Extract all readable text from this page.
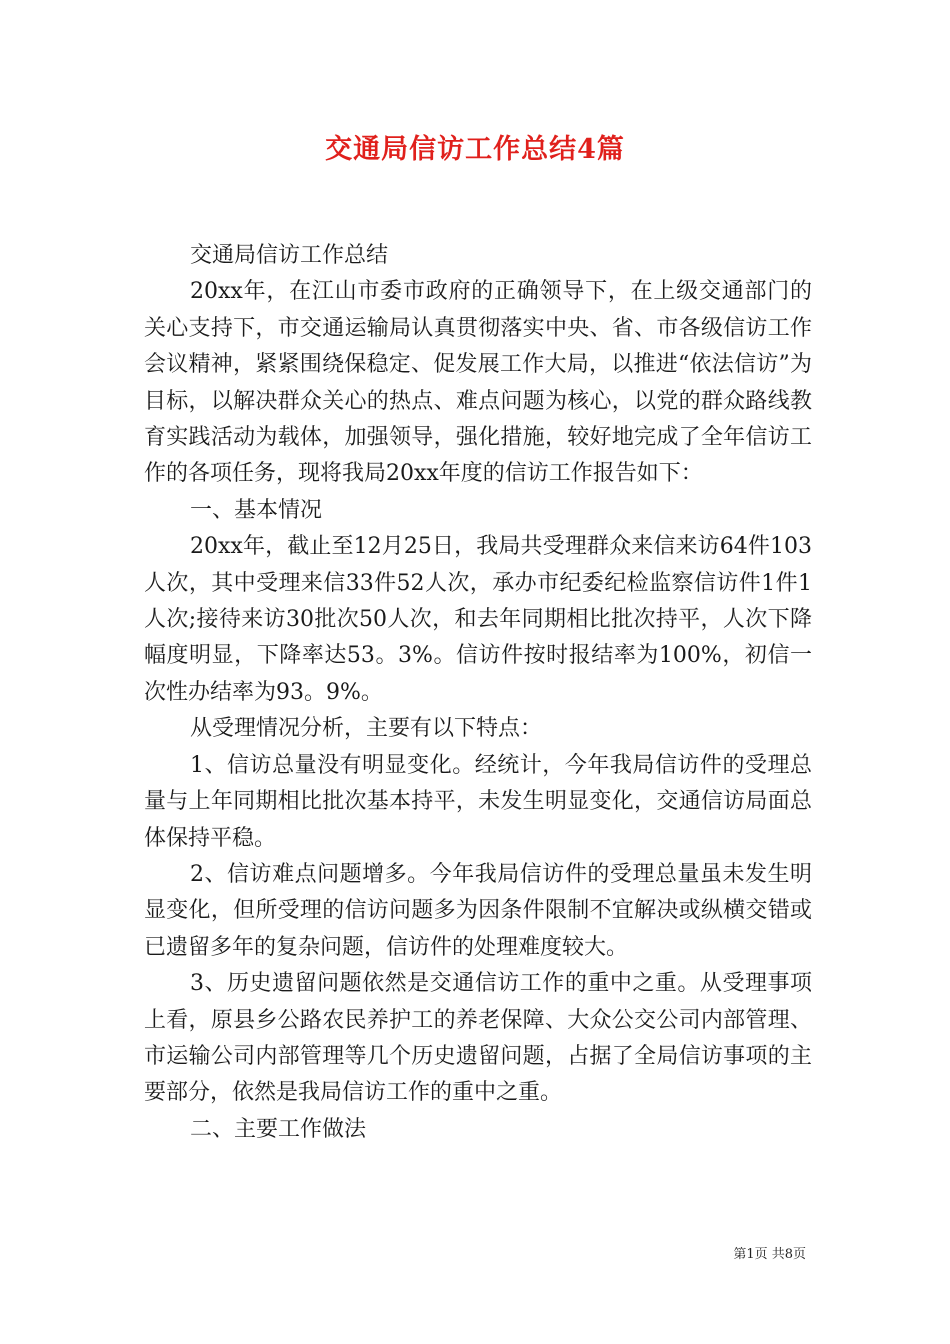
交通局信访工作总结4篇

交通局信访工作总结

20xx年，在江山市委市政府的正确领导下，在上级交通部门的关心支持下，市交通运输局认真贯彻落实中央、省、市各级信访工作会议精神，紧紧围绕保稳定、促发展工作大局，以推进“依法信访”为目标，以解决群众关心的热点、难点问题为核心，以党的群众路线教育实践活动为载体，加强领导，强化措施，较好地完成了全年信访工作的各项任务，现将我局20xx年度的信访工作报告如下：

一、基本情况

20xx年，截止至12月25日，我局共受理群众来信来访64件103人次，其中受理来信33件52人次，承办市纪委纪检监察信访件1件1人次;接待来访30批次50人次，和去年同期相比批次持平，人次下降幅度明显，下降率达53。3%。信访件按时报结率为100%，初信一次性办结率为93。9%。

从受理情况分析，主要有以下特点：

1、信访总量没有明显变化。经统计，今年我局信访件的受理总量与上年同期相比批次基本持平，未发生明显变化，交通信访局面总体保持平稳。

2、信访难点问题增多。今年我局信访件的受理总量虽未发生明显变化，但所受理的信访问题多为因条件限制不宜解决或纵横交错或已遗留多年的复杂问题，信访件的处理难度较大。

3、历史遗留问题依然是交通信访工作的重中之重。从受理事项上看，原县乡公路农民养护工的养老保障、大众公交公司内部管理、市运输公司内部管理等几个历史遗留问题，占据了全局信访事项的主要部分，依然是我局信访工作的重中之重。

二、主要工作做法

第1页 共8页
